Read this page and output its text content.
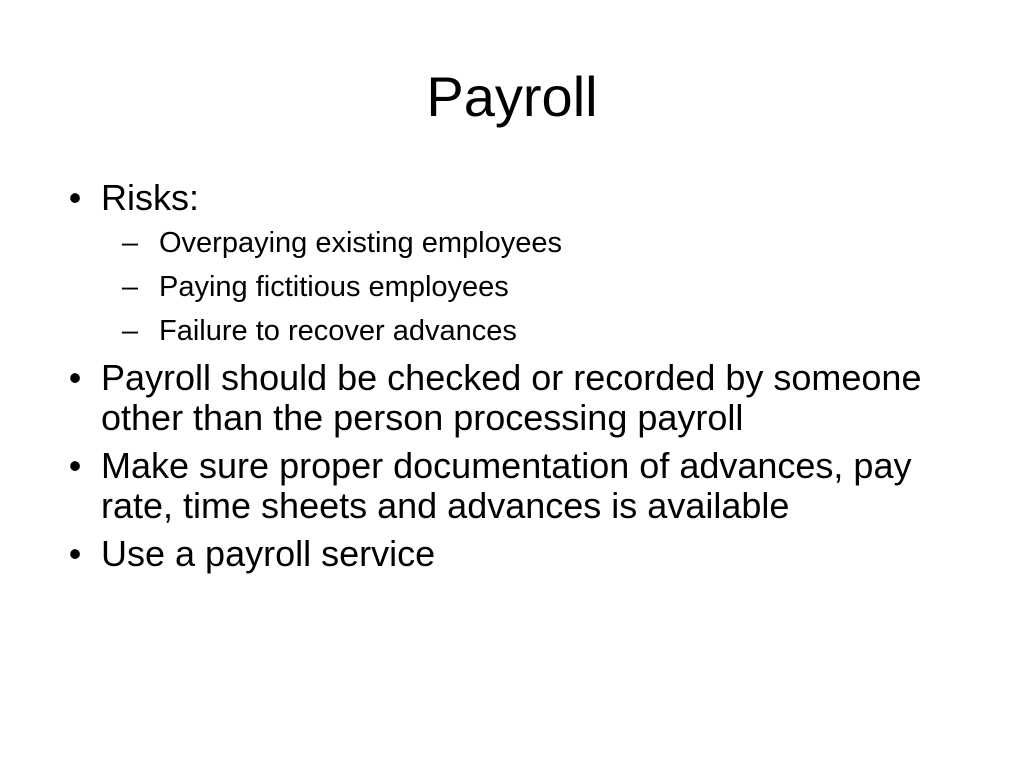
Payroll
• Risks:
– Overpaying existing employees
– Paying fictitious employees
– Failure to recover advances
• Payroll should be checked or recorded by someone other than the person processing payroll
• Make sure proper documentation of advances, pay rate, time sheets and advances is available
• Use a payroll service
